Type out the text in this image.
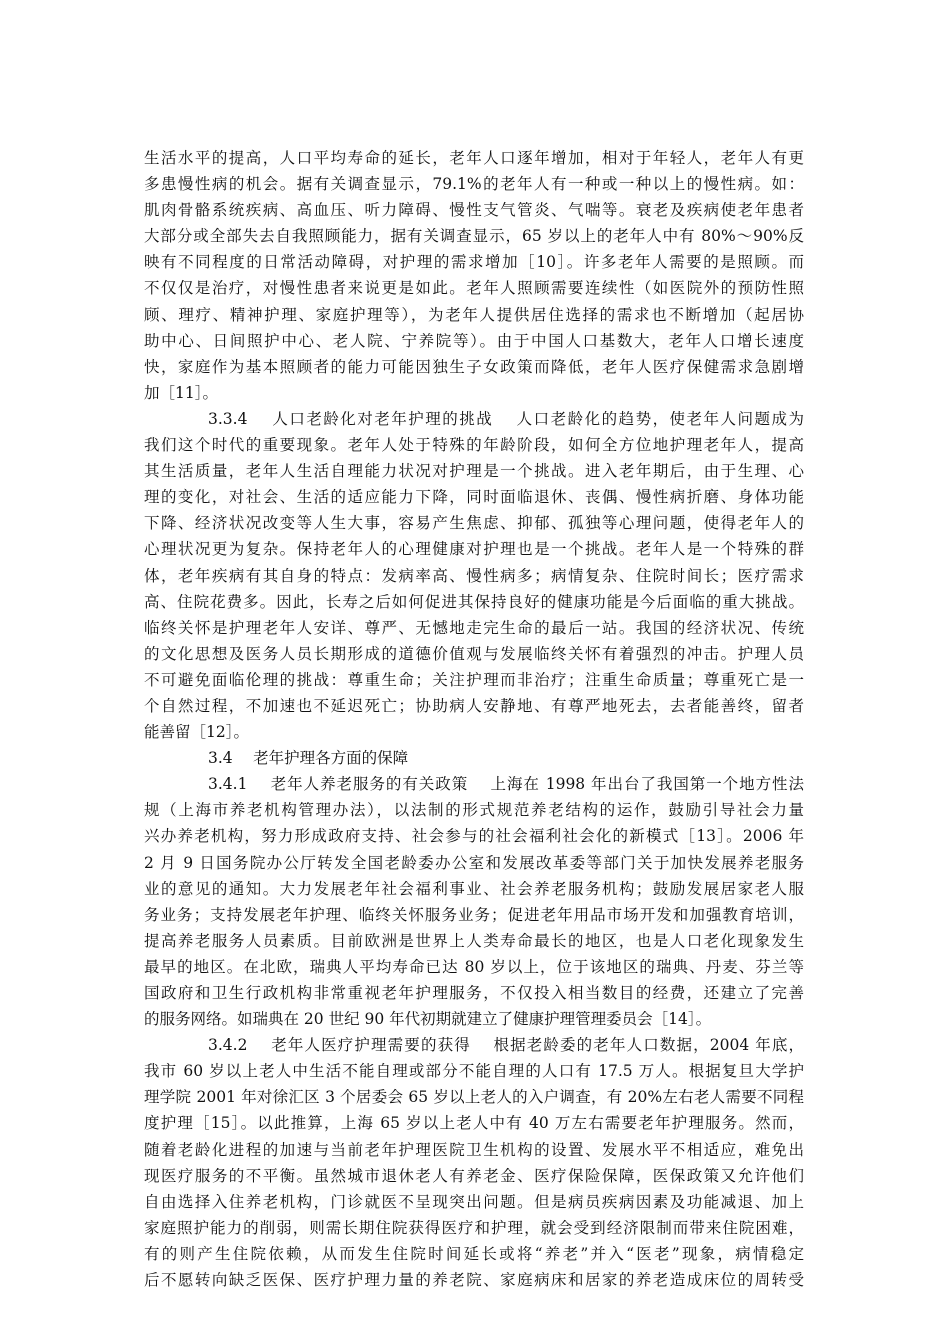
生活水平的提高，人口平均寿命的延长，老年人口逐年增加，相对于年轻人，老年人有更
多患慢性病的机会。据有关调查显示，79.1%的老年人有一种或一种以上的慢性病。如：
肌肉骨骼系统疾病、高血压、听力障碍、慢性支气管炎、气喘等。衰老及疾病使老年患者
大部分或全部失去自我照顾能力，据有关调查显示，65 岁以上的老年人中有 80%～90%反
映有不同程度的日常活动障碍，对护理的需求增加［10］。许多老年人需要的是照顾。而
不仅仅是治疗，对慢性患者来说更是如此。老年人照顾需要连续性（如医院外的预防性照
顾、理疗、精神护理、家庭护理等），为老年人提供居住选择的需求也不断增加（起居协
助中心、日间照护中心、老人院、宁养院等）。由于中国人口基数大，老年人口增长速度
快，家庭作为基本照顾者的能力可能因独生子女政策而降低，老年人医疗保健需求急剧增
加［11］。
3.3.4　 人口老龄化对老年护理的挑战　 人口老龄化的趋势，使老年人问题成为
我们这个时代的重要现象。老年人处于特殊的年龄阶段，如何全方位地护理老年人，提高
其生活质量，老年人生活自理能力状况对护理是一个挑战。进入老年期后，由于生理、心
理的变化，对社会、生活的适应能力下降，同时面临退休、丧偶、慢性病折磨、身体功能
下降、经济状况改变等人生大事，容易产生焦虑、抑郁、孤独等心理问题，使得老年人的
心理状况更为复杂。保持老年人的心理健康对护理也是一个挑战。老年人是一个特殊的群
体，老年疾病有其自身的特点：发病率高、慢性病多；病情复杂、住院时间长；医疗需求
高、住院花费多。因此，长寿之后如何促进其保持良好的健康功能是今后面临的重大挑战。
临终关怀是护理老年人安详、尊严、无憾地走完生命的最后一站。我国的经济状况、传统
的文化思想及医务人员长期形成的道德价值观与发展临终关怀有着强烈的冲击。护理人员
不可避免面临伦理的挑战：尊重生命；关注护理而非治疗；注重生命质量；尊重死亡是一
个自然过程，不加速也不延迟死亡；协助病人安静地、有尊严地死去，去者能善终，留者
能善留［12］。
3.4　 老年护理各方面的保障
3.4.1　 老年人养老服务的有关政策　 上海在 1998 年出台了我国第一个地方性法
规（上海市养老机构管理办法），以法制的形式规范养老结构的运作，鼓励引导社会力量
兴办养老机构，努力形成政府支持、社会参与的社会福利社会化的新模式［13］。2006 年
2 月 9 日国务院办公厅转发全国老龄委办公室和发展改革委等部门关于加快发展养老服务
业的意见的通知。大力发展老年社会福利事业、社会养老服务机构；鼓励发展居家老人服
务业务；支持发展老年护理、临终关怀服务业务；促进老年用品市场开发和加强教育培训，
提高养老服务人员素质。目前欧洲是世界上人类寿命最长的地区，也是人口老化现象发生
最早的地区。在北欧，瑞典人平均寿命已达 80 岁以上，位于该地区的瑞典、丹麦、芬兰等
国政府和卫生行政机构非常重视老年护理服务，不仅投入相当数目的经费，还建立了完善
的服务网络。如瑞典在 20 世纪 90 年代初期就建立了健康护理管理委员会［14］。
3.4.2　 老年人医疗护理需要的获得　 根据老龄委的老年人口数据，2004 年底，
我市 60 岁以上老人中生活不能自理或部分不能自理的人口有 17.5 万人。根据复旦大学护
理学院 2001 年对徐汇区 3 个居委会 65 岁以上老人的入户调查，有 20%左右老人需要不同程
度护理［15］。以此推算，上海 65 岁以上老人中有 40 万左右需要老年护理服务。然而，
随着老龄化进程的加速与当前老年护理医院卫生机构的设置、发展水平不相适应，难免出
现医疗服务的不平衡。虽然城市退休老人有养老金、医疗保险保障，医保政策又允许他们
自由选择入住养老机构，门诊就医不呈现突出问题。但是病员疾病因素及功能减退、加上
家庭照护能力的削弱，则需长期住院获得医疗和护理，就会受到经济限制而带来住院困难，
有的则产生住院依赖，从而发生住院时间延长或将“养老”并入“医老”现象，病情稳定
后不愿转向缺乏医保、医疗护理力量的养老院、家庭病床和居家的养老造成床位的周转受
